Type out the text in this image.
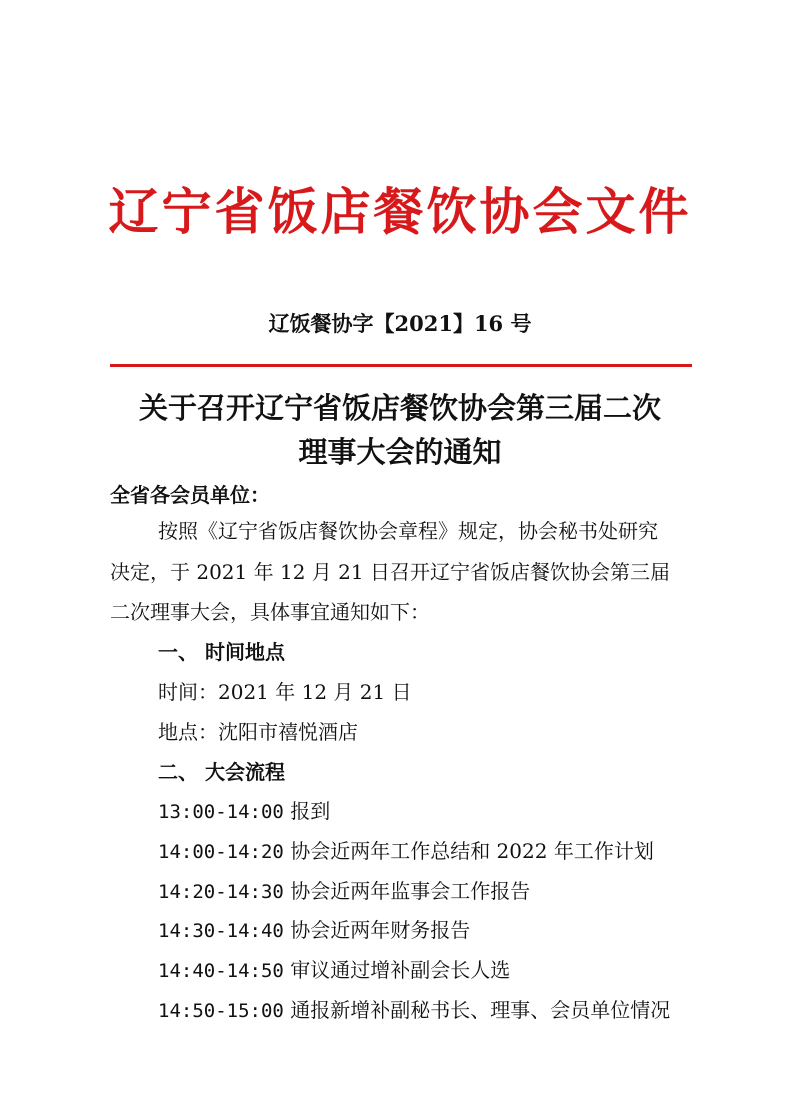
辽宁省饭店餐饮协会文件
辽饭餐协字【2021】16 号
关于召开辽宁省饭店餐饮协会第三届二次
理事大会的通知
全省各会员单位：
按照《辽宁省饭店餐饮协会章程》规定，协会秘书处研究
决定，于 2021 年 12 月 21 日召开辽宁省饭店餐饮协会第三届
二次理事大会，具体事宜通知如下：
一、 时间地点
时间：2021 年 12 月 21 日
地点：沈阳市禧悦酒店
二、 大会流程
13:00-14:00 报到
14:00-14:20 协会近两年工作总结和 2022 年工作计划
14:20-14:30 协会近两年监事会工作报告
14:30-14:40 协会近两年财务报告
14:40-14:50 审议通过增补副会长人选
14:50-15:00 通报新增补副秘书长、理事、会员单位情况
